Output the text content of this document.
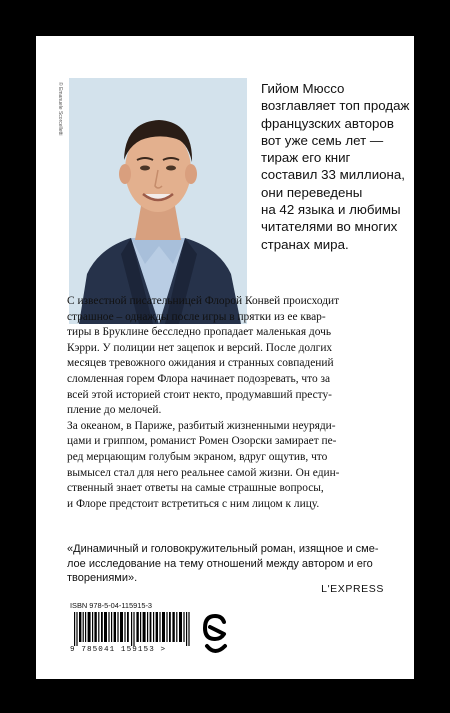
© Emanuele Scorcelletti	Гийом Мюссо
возглавляет топ продаж
французских авторов
вот уже семь лет —
тираж его книг
составил 33 миллиона,
они переведены
на 42 языка и любимы
читателями во многих
странах мира.
С известной писательницей Флорой Конвей происходит
страшное – однажды после игры в прятки из ее квар-
тиры в Бруклине бесследно пропадает маленькая дочь
Кэрри. У полиции нет зацепок и версий. После долгих
месяцев тревожного ожидания и странных совпадений
сломленная горем Флора начинает подозревать, что за
всей этой историей стоит некто, продумавший престу-
пление до мелочей.
За океаном, в Париже, разбитый жизненными неуряди-
цами и гриппом, романист Ромен Озорски замирает пе-
ред мерцающим голубым экраном, вдруг ощутив, что
вымысел стал для него реальнее самой жизни. Он един-
ственный знает ответы на самые страшные вопросы,
и Флоре предстоит встретиться с ним лицом к лицу.
«Динамичный и головокружительный роман, изящное и сме-
лое исследование на тему отношений между автором и его
творениями».
L'EXPRESS
ISBN 978-5-04-115915-3
9 785041 159153 >
